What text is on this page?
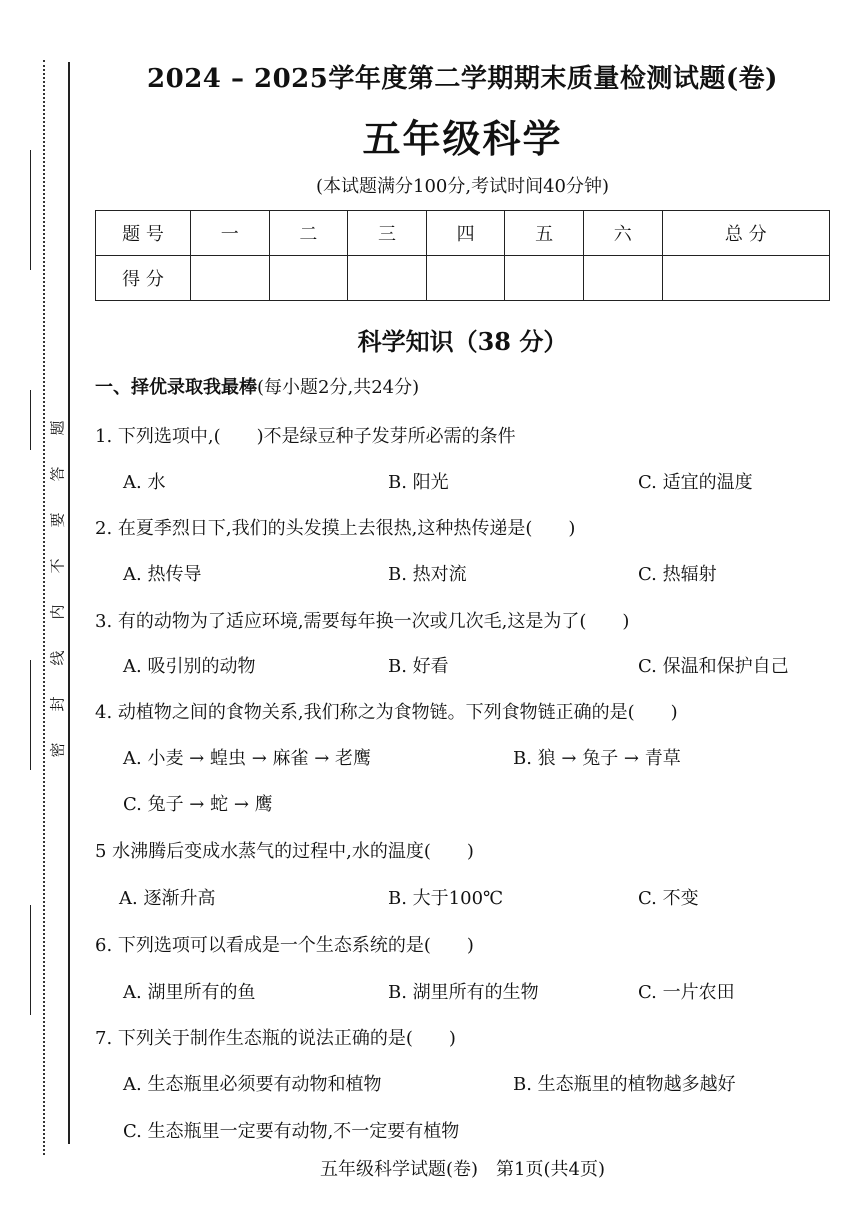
题
答
要
不
内
线
封
密
2024 – 2025学年度第二学期期末质量检测试题(卷)
五年级科学
(本试题满分100分,考试时间40分钟)
题 号	一	二	三	四	五	六	总 分
得 分							
科学知识（38 分）
一、择优录取我最棒(每小题2分,共24分)
1. 下列选项中,(　　)不是绿豆种子发芽所必需的条件
A. 水	B. 阳光	C. 适宜的温度
2. 在夏季烈日下,我们的头发摸上去很热,这种热传递是(　　)
A. 热传导	B. 热对流	C. 热辐射
3. 有的动物为了适应环境,需要每年换一次或几次毛,这是为了(　　)
A. 吸引别的动物	B. 好看	C. 保温和保护自己
4. 动植物之间的食物关系,我们称之为食物链。下列食物链正确的是(　　)
A. 小麦 → 蝗虫 → 麻雀 → 老鹰	B. 狼 → 兔子 → 青草
C. 兔子 → 蛇 → 鹰
5 水沸腾后变成水蒸气的过程中,水的温度(　　)
A. 逐渐升高	B. 大于100℃	C. 不变
6. 下列选项可以看成是一个生态系统的是(　　)
A. 湖里所有的鱼	B. 湖里所有的生物	C. 一片农田
7. 下列关于制作生态瓶的说法正确的是(　　)
A. 生态瓶里必须要有动物和植物	B. 生态瓶里的植物越多越好
C. 生态瓶里一定要有动物,不一定要有植物
五年级科学试题(卷)　第1页(共4页)
